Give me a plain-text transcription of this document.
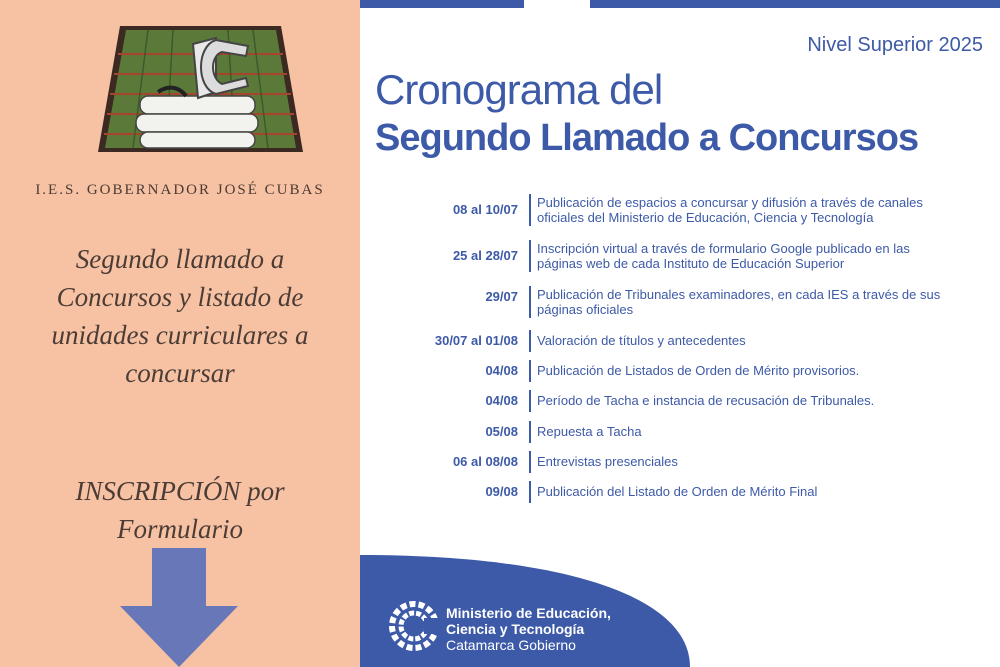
I.E.S. GOBERNADOR JOSÉ CUBAS
Segundo llamado a Concursos y listado de unidades curriculares a concursar
INSCRIPCIÓN por Formulario
Nivel Superior 2025
Cronograma del
Segundo Llamado a Concursos
08 al 10/07 Publicación de espacios a concursar y difusión a través de canales oficiales del Ministerio de Educación, Ciencia y Tecnología
25 al 28/07 Inscripción virtual a través de formulario Google publicado en las páginas web de cada Instituto de Educación Superior
29/07 Publicación de Tribunales examinadores, en cada IES a través de sus páginas oficiales
30/07 al 01/08 Valoración de títulos y antecedentes
04/08 Publicación de Listados de Orden de Mérito provisorios.
04/08 Período de Tacha e instancia de recusación de Tribunales.
05/08 Repuesta a Tacha
06 al 08/08 Entrevistas presenciales
09/08 Publicación del Listado de Orden de Mérito Final
Ministerio de Educación,
Ciencia y Tecnología
Catamarca Gobierno
